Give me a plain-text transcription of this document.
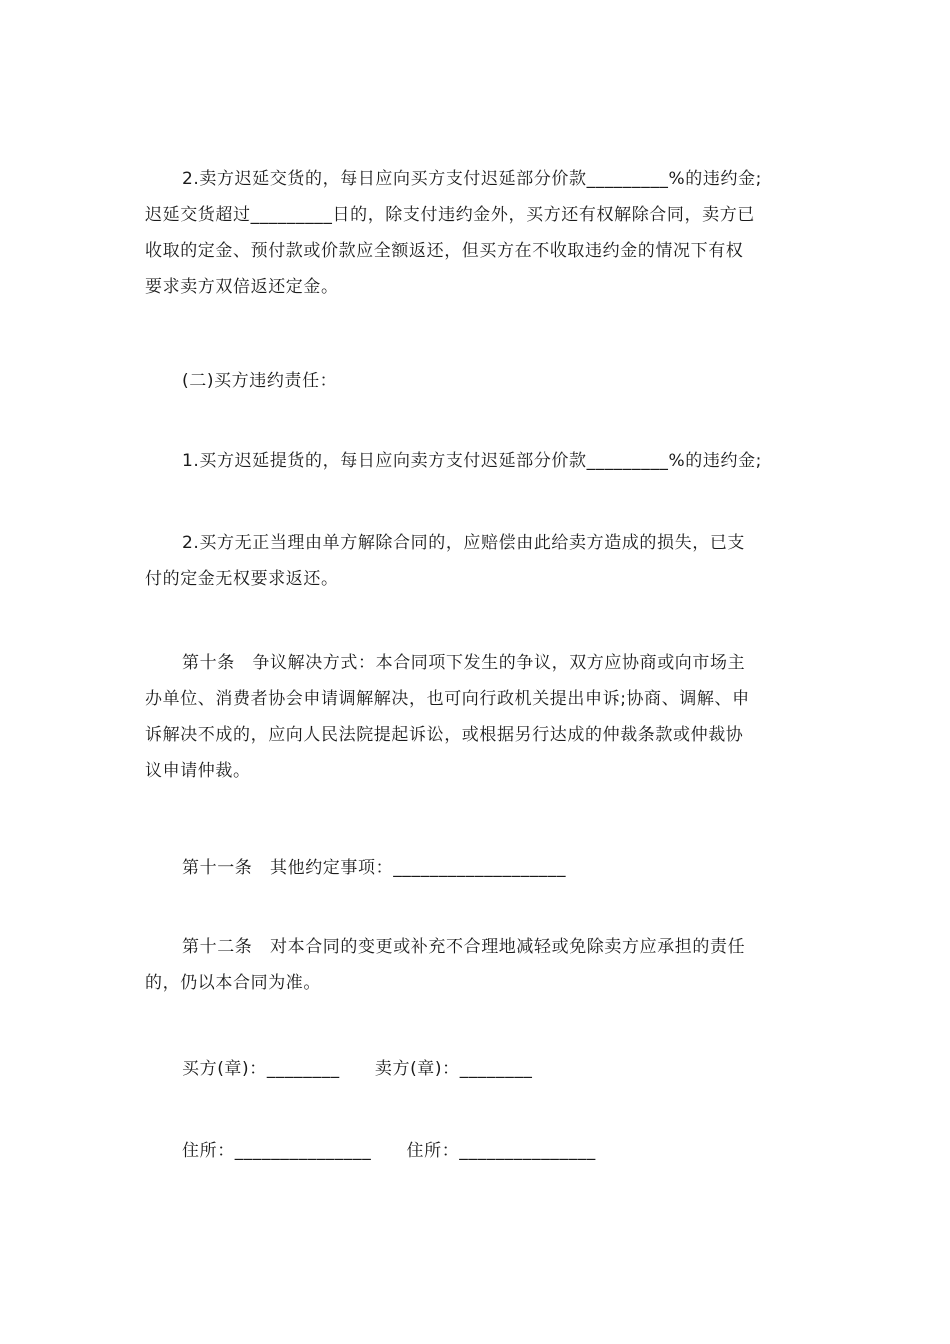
2.卖方迟延交货的，每日应向买方支付迟延部分价款_________%的违约金;
迟延交货超过_________日的，除支付违约金外，买方还有权解除合同，卖方已
收取的定金、预付款或价款应全额返还，但买方在不收取违约金的情况下有权
要求卖方双倍返还定金。
(二)买方违约责任：
1.买方迟延提货的，每日应向卖方支付迟延部分价款_________%的违约金;
2.买方无正当理由单方解除合同的，应赔偿由此给卖方造成的损失，已支
付的定金无权要求返还。
第十条　争议解决方式：本合同项下发生的争议，双方应协商或向市场主
办单位、消费者协会申请调解解决，也可向行政机关提出申诉;协商、调解、申
诉解决不成的，应向人民法院提起诉讼，或根据另行达成的仲裁条款或仲裁协
议申请仲裁。
第十一条　其他约定事项：___________________
第十二条　对本合同的变更或补充不合理地减轻或免除卖方应承担的责任
的，仍以本合同为准。
买方(章)：________　　卖方(章)：________
住所：_______________　　住所：_______________
